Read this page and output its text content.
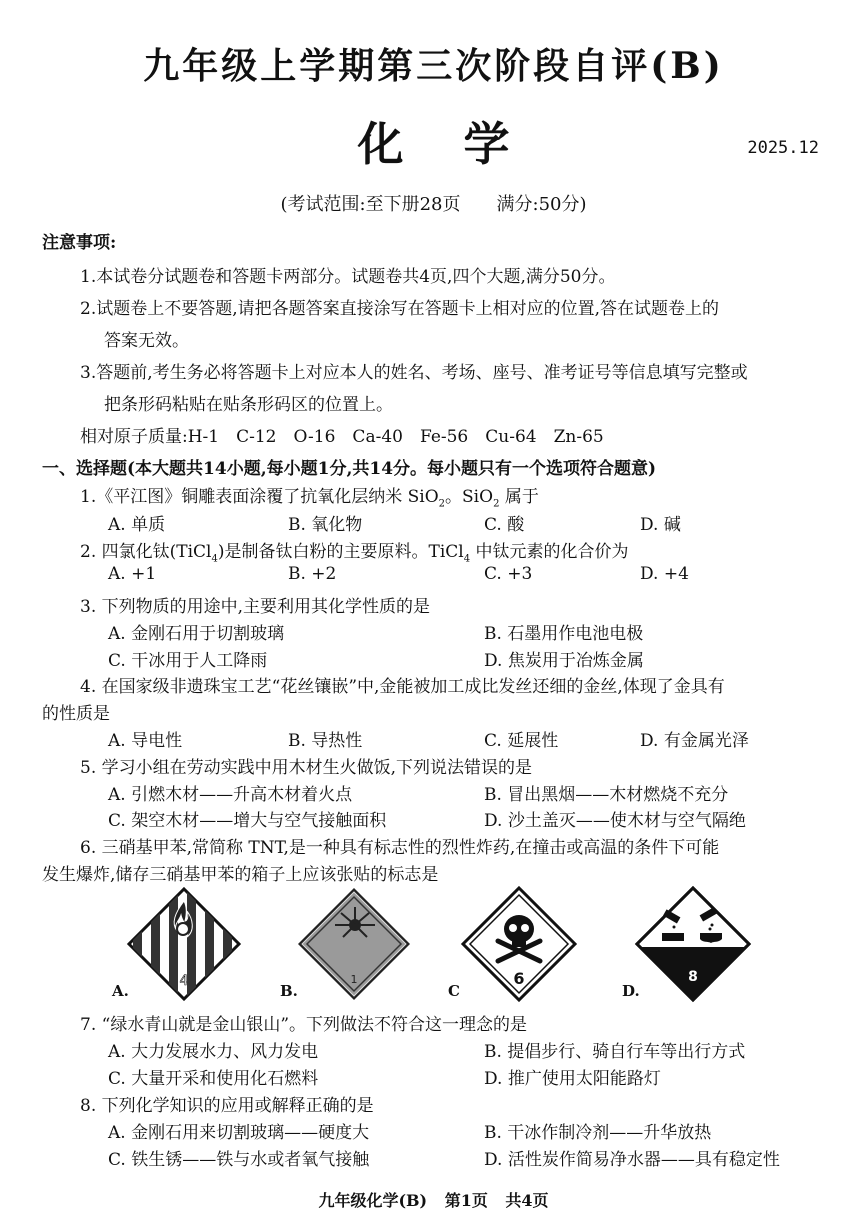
九年级上学期第三次阶段自评(B)
化学	2025.12
(考试范围:至下册28页 满分:50分)
注意事项:
1.本试卷分试题卷和答题卡两部分。试题卷共4页,四个大题,满分50分。
2.试题卷上不要答题,请把各题答案直接涂写在答题卡上相对应的位置,答在试题卷上的
答案无效。
3.答题前,考生务必将答题卡上对应本人的姓名、考场、座号、准考证号等信息填写完整或
把条形码粘贴在贴条形码区的位置上。
相对原子质量:H-1　C-12　O-16　Ca-40　Fe-56　Cu-64　Zn-65
一、选择题(本大题共14小题,每小题1分,共14分。每小题只有一个选项符合题意)
1.《平江图》铜雕表面涂覆了抗氧化层纳米 SiO$_2$。SiO$_2$ 属于
A. 单质	B. 氧化物	C. 酸	D. 碱
2. 四氯化钛(TiCl$_4$)是制备钛白粉的主要原料。TiCl$_4$ 中钛元素的化合价为
A. +1	B. +2	C. +3	D. +4
3. 下列物质的用途中,主要利用其化学性质的是
A. 金刚石用于切割玻璃	B. 石墨用作电池电极
C. 干冰用于人工降雨	D. 焦炭用于冶炼金属
4. 在国家级非遗珠宝工艺“花丝镶嵌”中,金能被加工成比发丝还细的金丝,体现了金具有
的性质是
A. 导电性	B. 导热性	C. 延展性	D. 有金属光泽
5. 学习小组在劳动实践中用木材生火做饭,下列说法错误的是
A. 引燃木材——升高木材着火点	B. 冒出黑烟——木材燃烧不充分
C. 架空木材——增大与空气接触面积	D. 沙土盖灭——使木材与空气隔绝
6. 三硝基甲苯,常简称 TNT,是一种具有标志性的烈性炸药,在撞击或高温的条件下可能
发生爆炸,储存三硝基甲苯的箱子上应该张贴的标志是
4
A.
1
B.
6
C
8
D.
7. “绿水青山就是金山银山”。下列做法不符合这一理念的是
A. 大力发展水力、风力发电	B. 提倡步行、骑自行车等出行方式
C. 大量开采和使用化石燃料	D. 推广使用太阳能路灯
8. 下列化学知识的应用或解释正确的是
A. 金刚石用来切割玻璃——硬度大	B. 干冰作制冷剂——升华放热
C. 铁生锈——铁与水或者氧气接触	D. 活性炭作简易净水器——具有稳定性
九年级化学(B) 第1页 共4页
